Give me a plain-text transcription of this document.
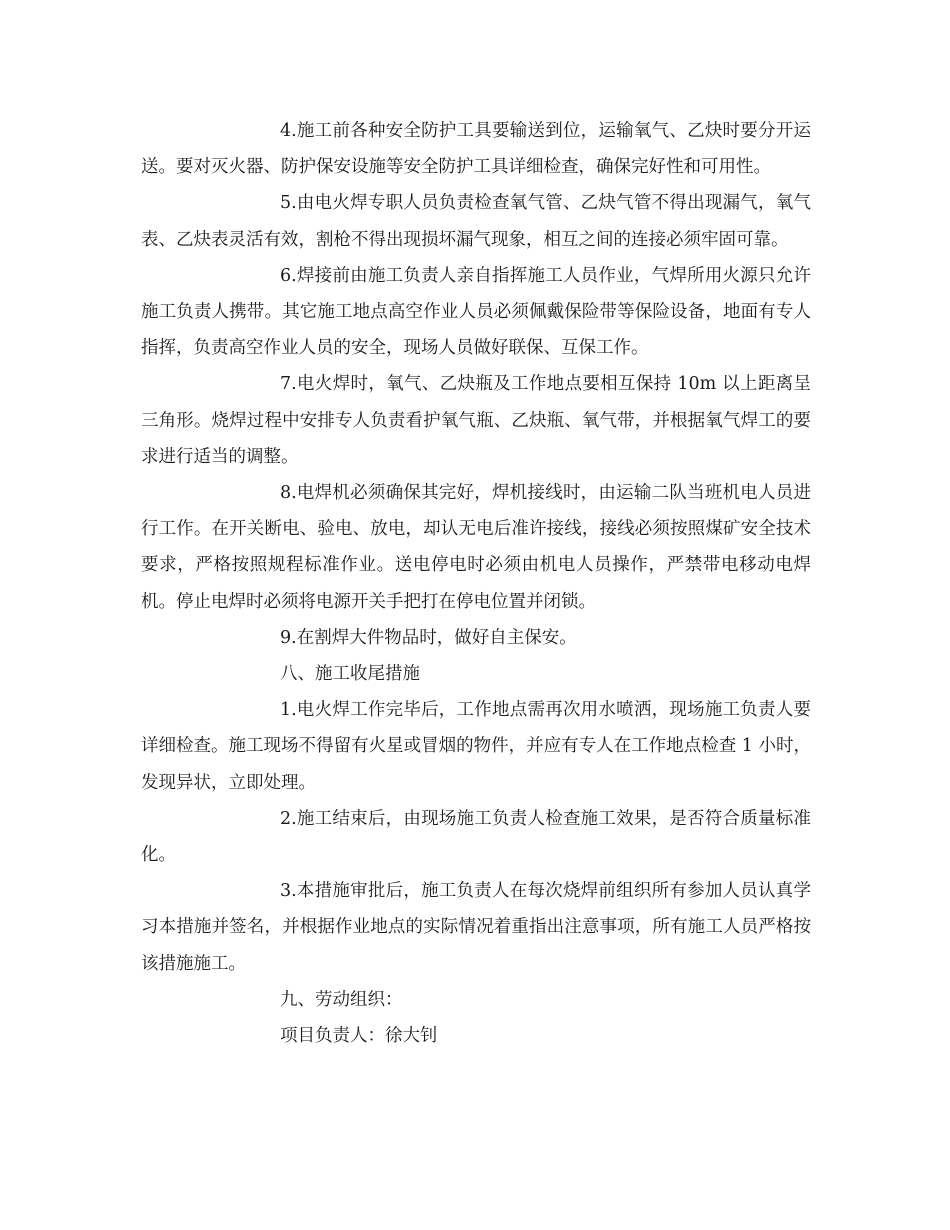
4.施工前各种安全防护工具要输送到位，运输氧气、乙炔时要分开运送。要对灭火器、防护保安设施等安全防护工具详细检查，确保完好性和可用性。

5.由电火焊专职人员负责检查氧气管、乙炔气管不得出现漏气，氧气表、乙炔表灵活有效，割枪不得出现损坏漏气现象，相互之间的连接必须牢固可靠。

6.焊接前由施工负责人亲自指挥施工人员作业，气焊所用火源只允许施工负责人携带。其它施工地点高空作业人员必须佩戴保险带等保险设备，地面有专人指挥，负责高空作业人员的安全，现场人员做好联保、互保工作。

7.电火焊时，氧气、乙炔瓶及工作地点要相互保持 10m 以上距离呈三角形。烧焊过程中安排专人负责看护氧气瓶、乙炔瓶、氧气带，并根据氧气焊工的要求进行适当的调整。

8.电焊机必须确保其完好，焊机接线时，由运输二队当班机电人员进行工作。在开关断电、验电、放电，却认无电后准许接线，接线必须按照煤矿安全技术要求，严格按照规程标准作业。送电停电时必须由机电人员操作，严禁带电移动电焊机。停止电焊时必须将电源开关手把打在停电位置并闭锁。

9.在割焊大件物品时，做好自主保安。

八、施工收尾措施

1.电火焊工作完毕后，工作地点需再次用水喷洒，现场施工负责人要详细检查。施工现场不得留有火星或冒烟的物件，并应有专人在工作地点检查 1 小时，发现异状，立即处理。

2.施工结束后，由现场施工负责人检查施工效果，是否符合质量标准化。

3.本措施审批后，施工负责人在每次烧焊前组织所有参加人员认真学习本措施并签名，并根据作业地点的实际情况着重指出注意事项，所有施工人员严格按该措施施工。

九、劳动组织：

项目负责人：徐大钊
